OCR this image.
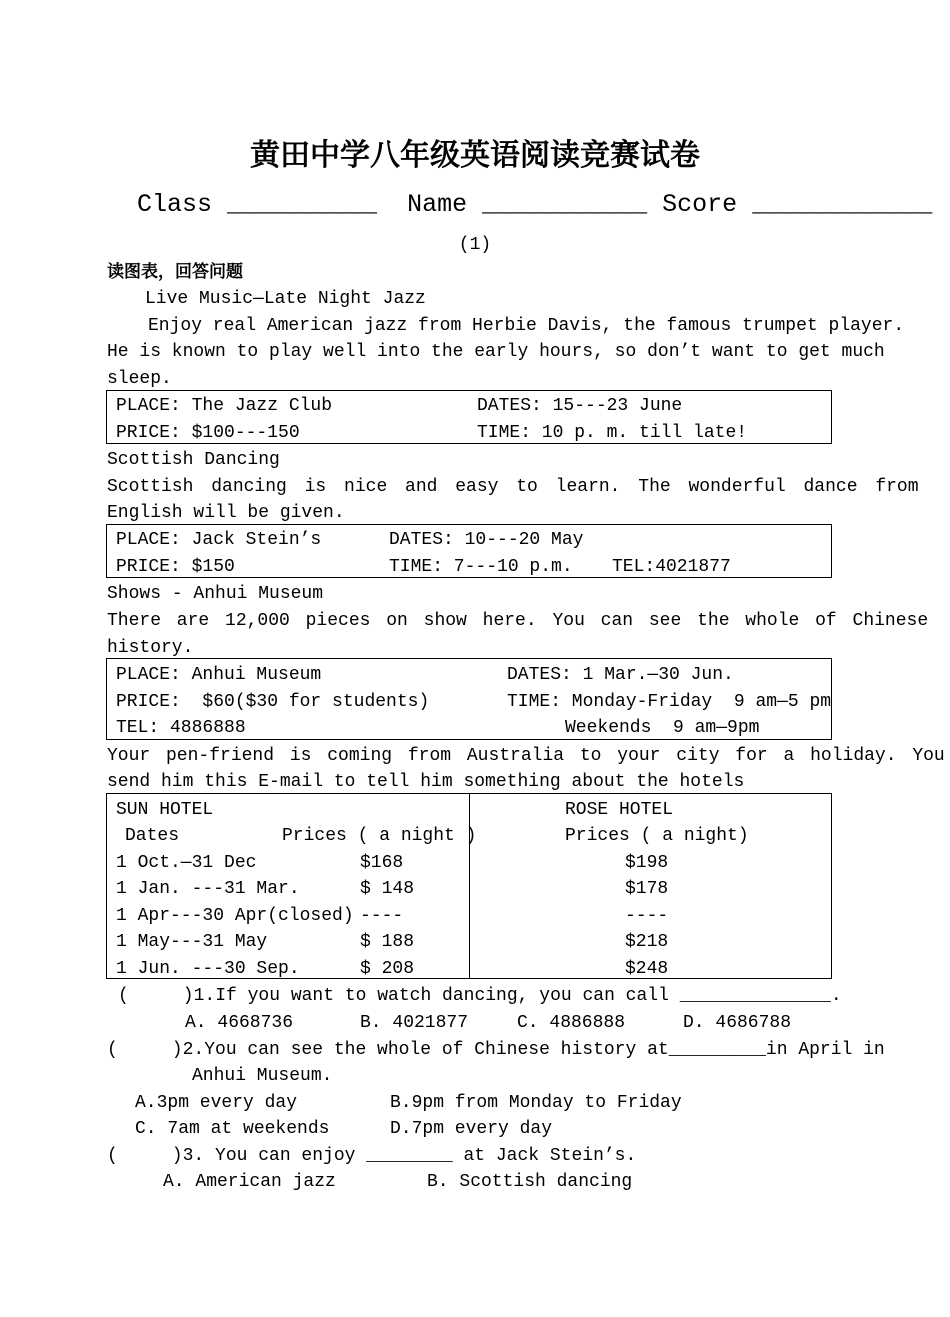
黄田中学八年级英语阅读竞赛试卷
Class __________ Name ___________ Score ____________
(1)
读图表，回答问题
Live Music—Late Night Jazz
Enjoy real American jazz from Herbie Davis, the famous trumpet player.
He is known to play well into the early hours, so don’t want to get much
sleep.
PLACE: The Jazz Club	DATES: 15---23 June
PRICE: $100---150	TIME: 10 p. m. till late!
Scottish Dancing
Scottish dancing is nice and easy to learn. The wonderful dance from
English will be given.
PLACE: Jack Stein’s	DATES: 10---20 May
PRICE: $150	TIME: 7---10 p.m. TEL:4021877
Shows - Anhui Museum
There are 12,000 pieces on show here. You can see the whole of Chinese
history.
PLACE: Anhui Museum	DATES: 1 Mar.—30 Jun.
PRICE:  $60($30 for students)	TIME: Monday-Friday  9 am—5 pm
TEL: 4886888	Weekends  9 am—9pm
Your pen-friend is coming from Australia to your city for a holiday. You
send him this E-mail to tell him something about the hotels
SUN HOTEL	ROSE HOTEL
Dates	Prices ( a night )	Prices ( a night)
1 Oct.—31 Dec	$168	$198
1 Jan. ---31 Mar.	$ 148	$178
1 Apr---30 Apr(closed) ----	----
1 May---31 May	$ 188	$218
1 Jun. ---30 Sep.	$ 208	$248
(     )1.If you want to watch dancing, you can call ______________.
A. 4668736	B. 4021877	C. 4886888	D. 4686788
(     )2.You can see the whole of Chinese history at_________in April in
Anhui Museum.
A.3pm every day	B.9pm from Monday to Friday
C. 7am at weekends	D.7pm every day
(     )3. You can enjoy ________ at Jack Stein’s.
A. American jazz	B. Scottish dancing
